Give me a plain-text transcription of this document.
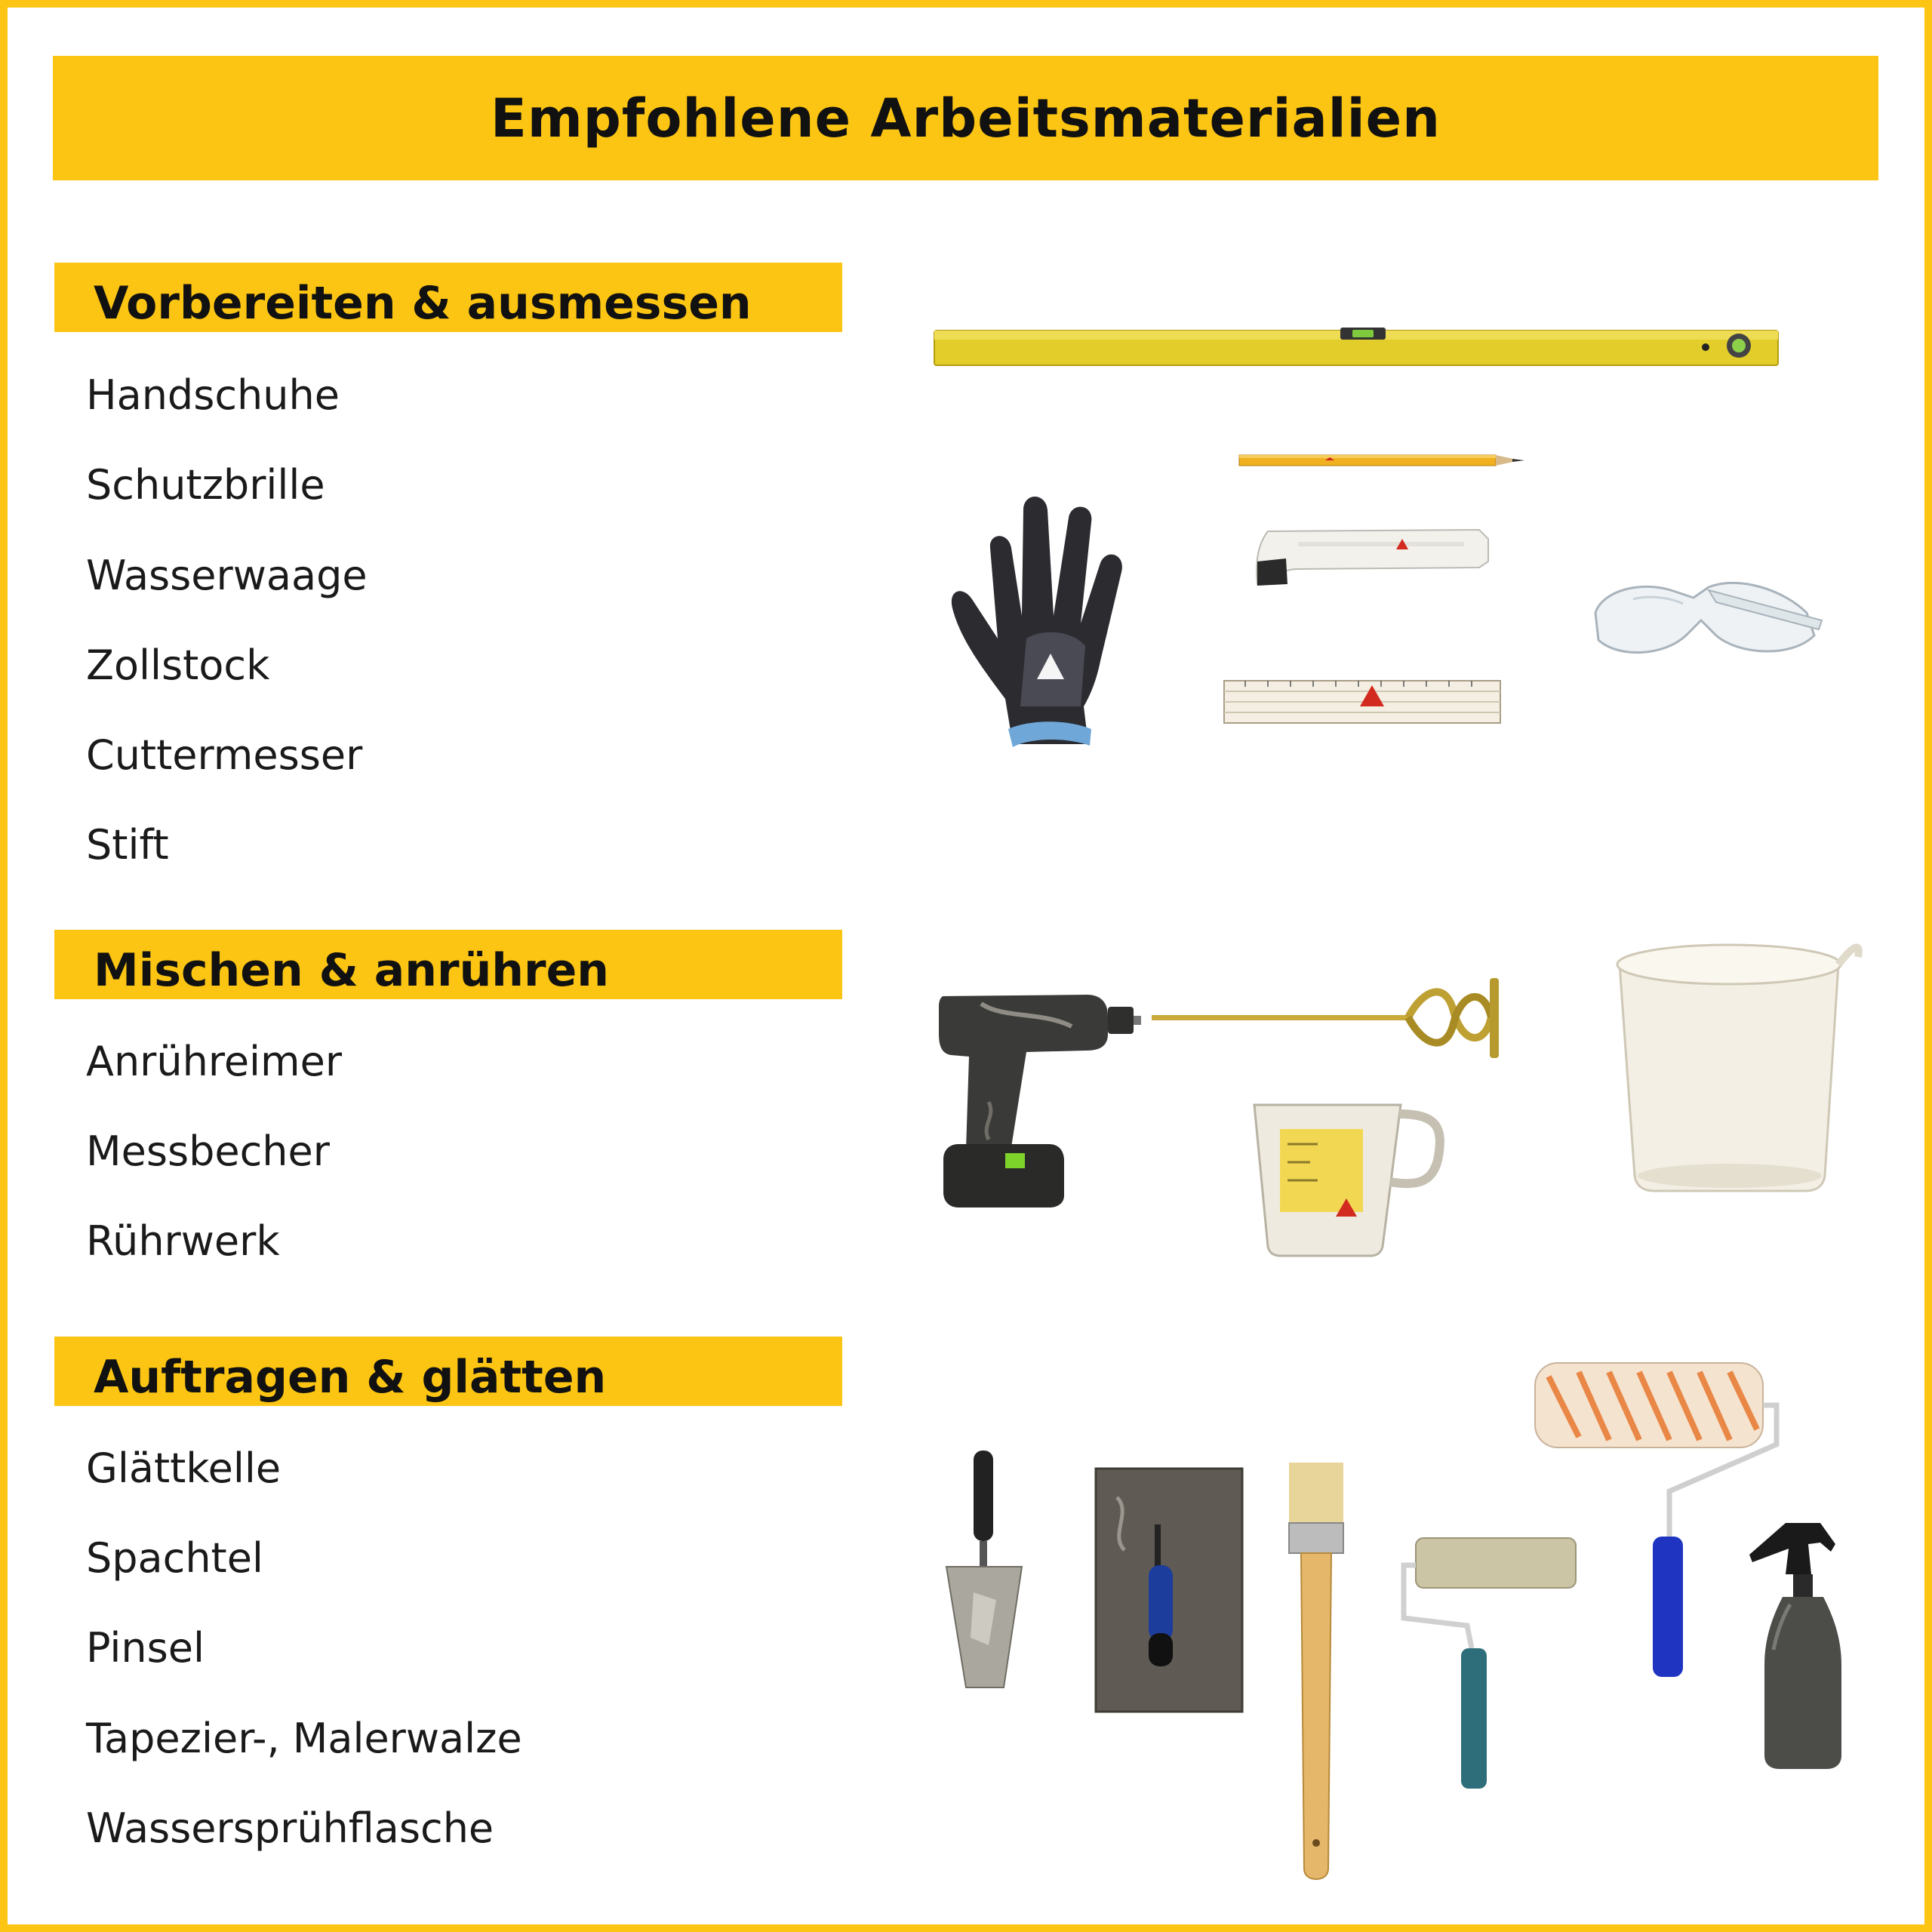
Empfohlene Arbeitsmaterialien
Vorbereiten & ausmessen
Handschuhe
Schutzbrille
Wasserwaage
Zollstock
Cuttermesser
Stift
Mischen & anrühren
Anrühreimer
Messbecher
Rührwerk
Auftragen & glätten
Glättkelle
Spachtel
Pinsel
Tapezier-, Malerwalze
Wassersprühflasche
